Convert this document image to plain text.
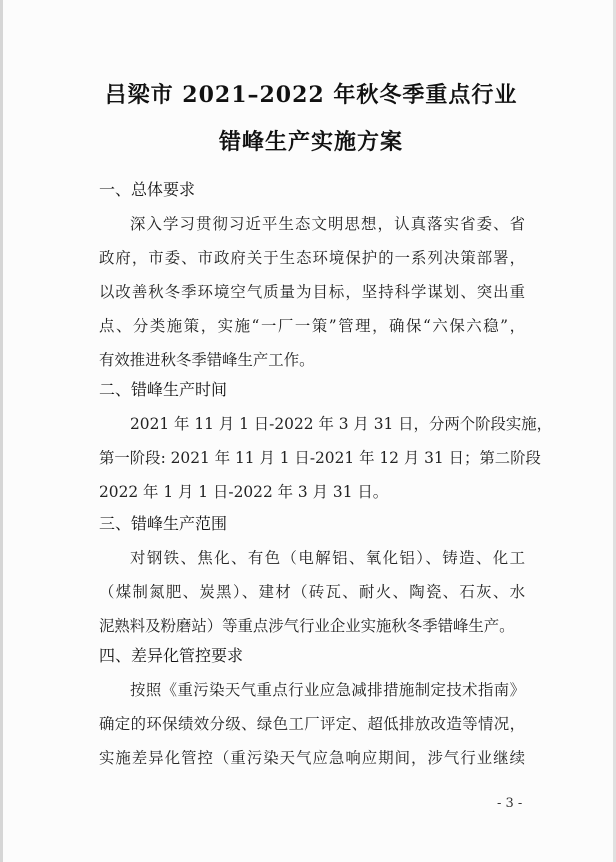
吕梁市 2021–2022 年秋冬季重点行业
错峰生产实施方案
一、总体要求
深入学习贯彻习近平生态文明思想，认真落实省委、省
政府，市委、市政府关于生态环境保护的一系列决策部署，
以改善秋冬季环境空气质量为目标，坚持科学谋划、突出重
点、分类施策，实施“一厂一策”管理，确保“六保六稳”，
有效推进秋冬季错峰生产工作。
二、错峰生产时间
2021 年 11 月 1 日-2022 年 3 月 31 日，分两个阶段实施，
第一阶段: 2021 年 11 月 1 日-2021 年 12 月 31 日；第二阶段
2022 年 1 月 1 日-2022 年 3 月 31 日。
三、错峰生产范围
对钢铁、焦化、有色（电解铝、氧化铝）、铸造、化工
（煤制氮肥、炭黑）、建材（砖瓦、耐火、陶瓷、石灰、水
泥熟料及粉磨站）等重点涉气行业企业实施秋冬季错峰生产。
四、差异化管控要求
按照《重污染天气重点行业应急减排措施制定技术指南》
确定的环保绩效分级、绿色工厂评定、超低排放改造等情况，
实施差异化管控（重污染天气应急响应期间，涉气行业继续
- 3 -
